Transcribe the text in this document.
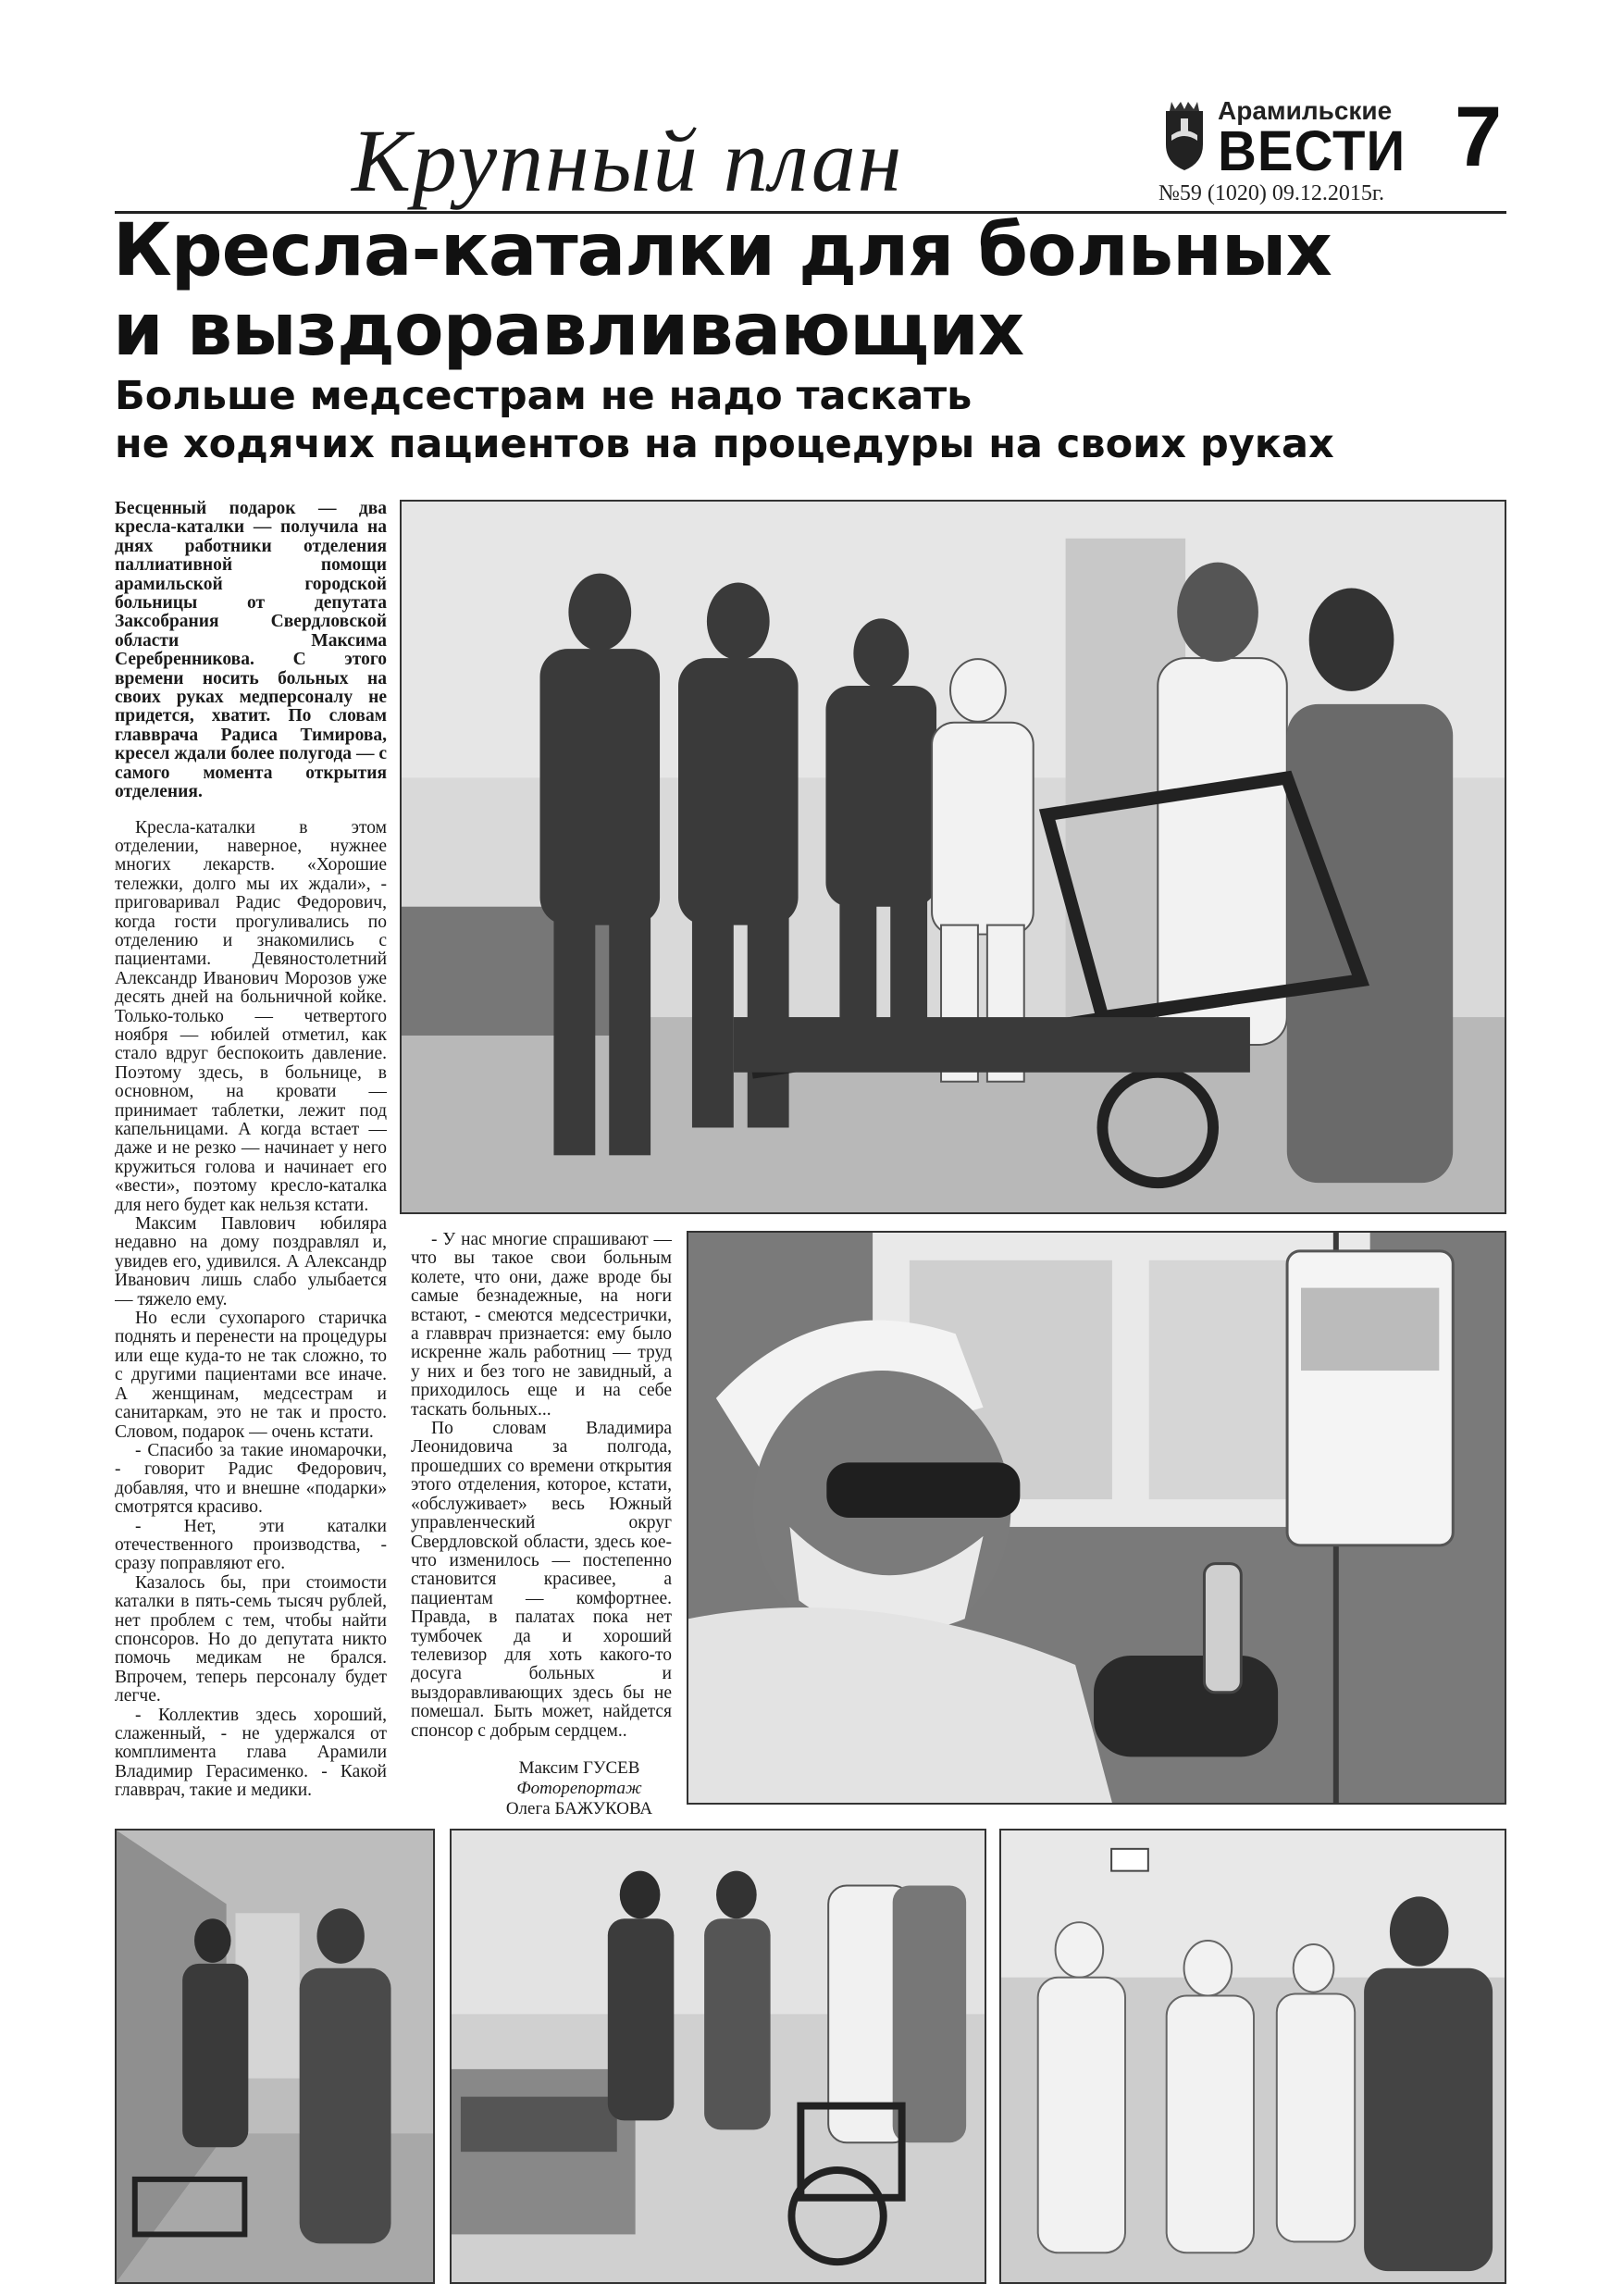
Крупный план
Арамильские
ВЕСТИ 7
№59 (1020) 09.12.2015г.
Кресла-каталки для больных
и выздоравливающих
Больше медсестрам не надо таскать
не ходячих пациентов на процедуры на своих руках

Бесценный подарок — два кресла-каталки — получила на днях работники отделения паллиативной помощи арамильской городской больницы от депутата Заксобрания Свердловской области Максима Серебренникова. С этого времени носить больных на своих руках медперсоналу не придется, хватит. По словам главврача Радиса Тимирова, кресел ждали более полугода — с самого момента открытия отделения.

Кресла-каталки в этом отделении, наверное, нужнее многих лекарств. «Хорошие тележки, долго мы их ждали», - приговаривал Радис Федорович, когда гости прогуливались по отделению и знакомились с пациентами. Девяностолетний Александр Иванович Морозов уже десять дней на больничной койке. Только-только — четвертого ноября — юбилей отметил, как стало вдруг беспокоить давление. Поэтому здесь, в больнице, в основном, на кровати — принимает таблетки, лежит под капельницами. А когда встает — даже и не резко — начинает у него кружиться голова и начинает его «вести», поэтому кресло-каталка для него будет как нельзя кстати.

Максим Павлович юбиляра недавно на дому поздравлял и, увидев его, удивился. А Александр Иванович лишь слабо улыбается — тяжело ему.

Но если сухопарого старичка поднять и перенести на процедуры или еще куда-то не так сложно, то с другими пациентами все иначе. А женщинам, медсестрам и санитаркам, это не так и просто. Словом, подарок — очень кстати.

- Спасибо за такие иномарочки, - говорит Радис Федорович, добавляя, что и внешне «подарки» смотрятся красиво.

- Нет, эти каталки отечественного производства, - сразу поправляют его.

Казалось бы, при стоимости каталки в пять-семь тысяч рублей, нет проблем с тем, чтобы найти спонсоров. Но до депутата никто помочь медикам не брался. Впрочем, теперь персоналу будет легче.

- Коллектив здесь хороший, слаженный, - не удержался от комплимента глава Арамили Владимир Герасименко. - Какой главврач, такие и медики.

- У нас многие спрашивают — что вы такое свои больным колете, что они, даже вроде бы самые безнадежные, на ноги встают, - смеются медсестрички, а главврач признается: ему было искренне жаль работниц — труд у них и без того не завидный, а приходилось еще и на себе таскать больных...

По словам Владимира Леонидовича за полгода, прошедших со времени открытия этого отделения, которое, кстати, «обслуживает» весь Южный управленческий округ Свердловской области, здесь кое-что изменилось — постепенно становится красивее, а пациентам — комфортнее. Правда, в палатах пока нет тумбочек да и хороший телевизор для хоть какого-то досуга больных и выздоравливающих здесь бы не помешал. Быть может, найдется спонсор с добрым сердцем..

Максим ГУСЕВ
Фоторепортаж
Олега БАЖУКОВА
